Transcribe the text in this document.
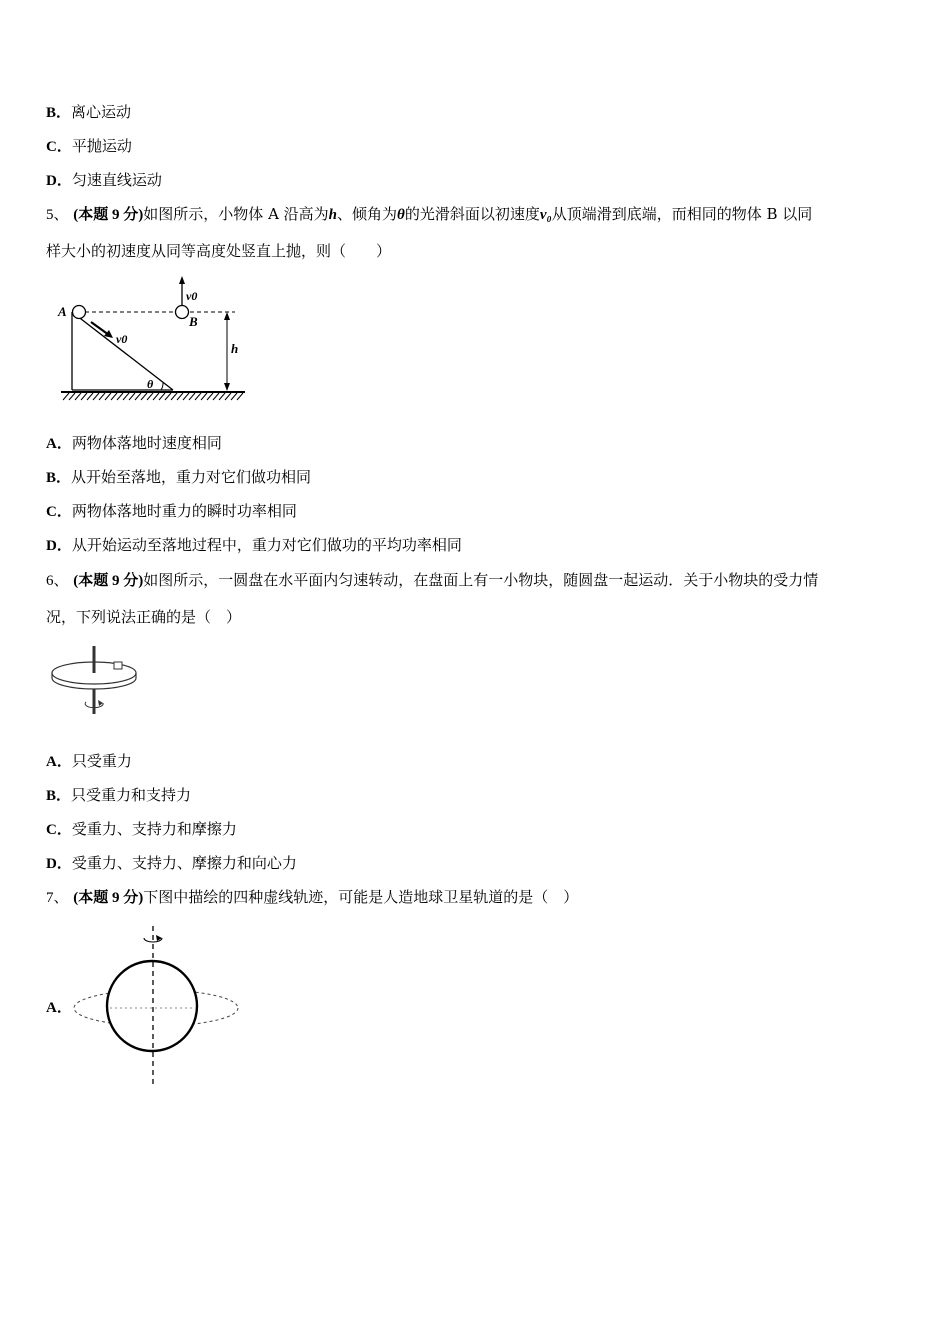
B．离心运动
C．平抛运动
D．匀速直线运动
5、 (本题 9 分)如图所示，小物体 A 沿高为h、倾角为θ的光滑斜面以初速度v₀从顶端滑到底端，而相同的物体 B 以同
样大小的初速度从同等高度处竖直上抛，则（　　）
A
B
v0
v0
h
θ
A．两物体落地时速度相同
B．从开始至落地，重力对它们做功相同
C．两物体落地时重力的瞬时功率相同
D．从开始运动至落地过程中，重力对它们做功的平均功率相同
6、 (本题 9 分)如图所示，一圆盘在水平面内匀速转动，在盘面上有一小物块，随圆盘一起运动．关于小物块的受力情
况，下列说法正确的是（　）
A．只受重力
B．只受重力和支持力
C．受重力、支持力和摩擦力
D．受重力、支持力、摩擦力和向心力
7、 (本题 9 分)下图中描绘的四种虚线轨迹，可能是人造地球卫星轨道的是（　）
A．
